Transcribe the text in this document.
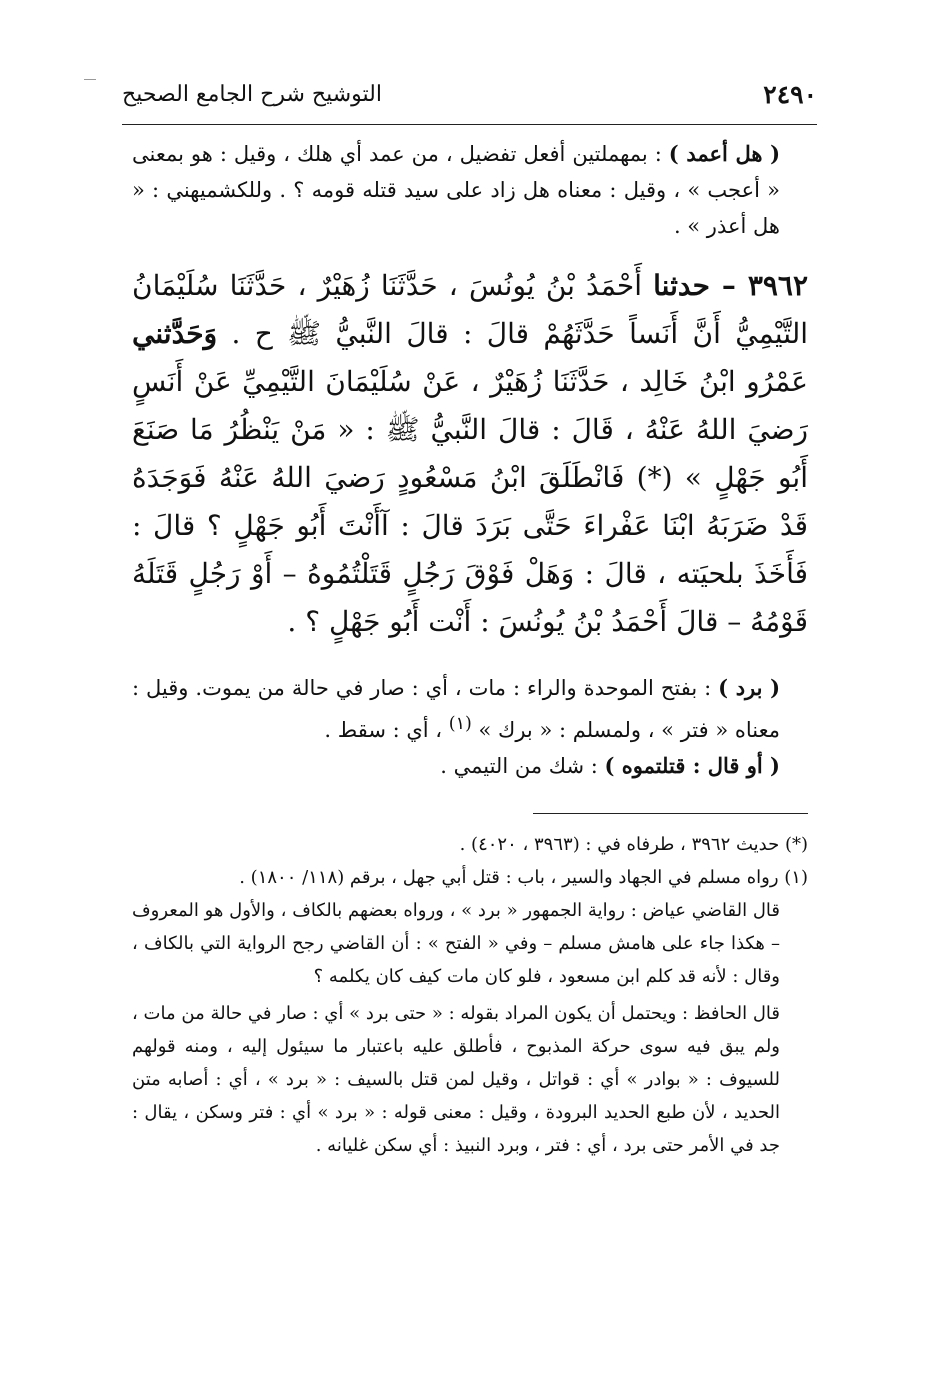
٢٤٩٠
التوشيح شرح الجامع الصحيح

( هل أعمد ) : بمهملتين أفعل تفضيل ، من عمد أي هلك ، وقيل : هو بمعنى « أعجب » ، وقيل : معناه هل زاد على سيد قتله قومه ؟ . وللكشميهني : « هل أعذر » .

٣٩٦٢ – حدثنا أَحْمَدُ بْنُ يُونُسَ ، حَدَّثَنَا زُهَيْرٌ ، حَدَّثَنَا سُلَيْمَانُ التَّيْمِيُّ أَنَّ أَنَساً حَدَّثَهُمْ قالَ : قالَ النَّبيُّ ﷺ ح . وَحَدَّثني عَمْرُو ابْنُ خَالِد ، حَدَّثَنَا زُهَيْرٌ ، عَنْ سُلَيْمَانَ التَّيْمِيِّ عَنْ أَنَسٍ رَضيَ اللهُ عَنْهُ ، قَالَ : قالَ النَّبيُّ ﷺ : « مَنْ يَنْظُرُ مَا صَنَعَ أَبُو جَهْلٍ » (*) فَانْطَلَقَ ابْنُ مَسْعُودٍ رَضيَ اللهُ عَنْهُ فَوَجَدَهُ قَدْ ضَرَبَهُ ابْنَا عَفْراءَ حَتَّى بَرَدَ قالَ : آأَنْتَ أَبُو جَهْلٍ ؟ قالَ : فَأَخَذَ بلحيَته ، قالَ : وَهَلْ فَوْقَ رَجُلٍ قَتَلْتُمُوهُ – أَوْ رَجُلٍ قَتَلَهُ قَوْمُهُ – قالَ أَحْمَدُ بْنُ يُونُسَ : أَنْت أَبُو جَهْلٍ ؟ .

( برد ) : بفتح الموحدة والراء : مات ، أي : صار في حالة من يموت. وقيل : معناه « فتر » ، ولمسلم : « برك » $^{(١)}$ ، أي : سقط .

( أو قال : قتلتموه ) : شك من التيمي .

(*) حديث ٣٩٦٢ ، طرفاه في : (٣٩٦٣ ، ٤٠٢٠) .

(١) رواه مسلم في الجهاد والسير ، باب : قتل أبي جهل ، برقم (١١٨/ ١٨٠٠) .

قال القاضي عياض : رواية الجمهور « برد » ، ورواه بعضهم بالكاف ، والأول هو المعروف – هكذا جاء على هامش مسلم – وفي « الفتح » : أن القاضي رجح الرواية التي بالكاف ، وقال : لأنه قد كلم ابن مسعود ، فلو كان مات كيف كان يكلمه ؟

قال الحافظ : ويحتمل أن يكون المراد بقوله : « حتى برد » أي : صار في حالة من مات ، ولم يبق فيه سوى حركة المذبوح ، فأطلق عليه باعتبار ما سيئول إليه ، ومنه قولهم للسيوف : « بوادر » أي : قواتل ، وقيل لمن قتل بالسيف : « برد » ، أي : أصابه متن الحديد ، لأن طبع الحديد البرودة ، وقيل : معنى قوله : « برد » أي : فتر وسكن ، يقال : جد في الأمر حتى برد ، أي : فتر ، وبرد النبيذ : أي سكن غليانه .
